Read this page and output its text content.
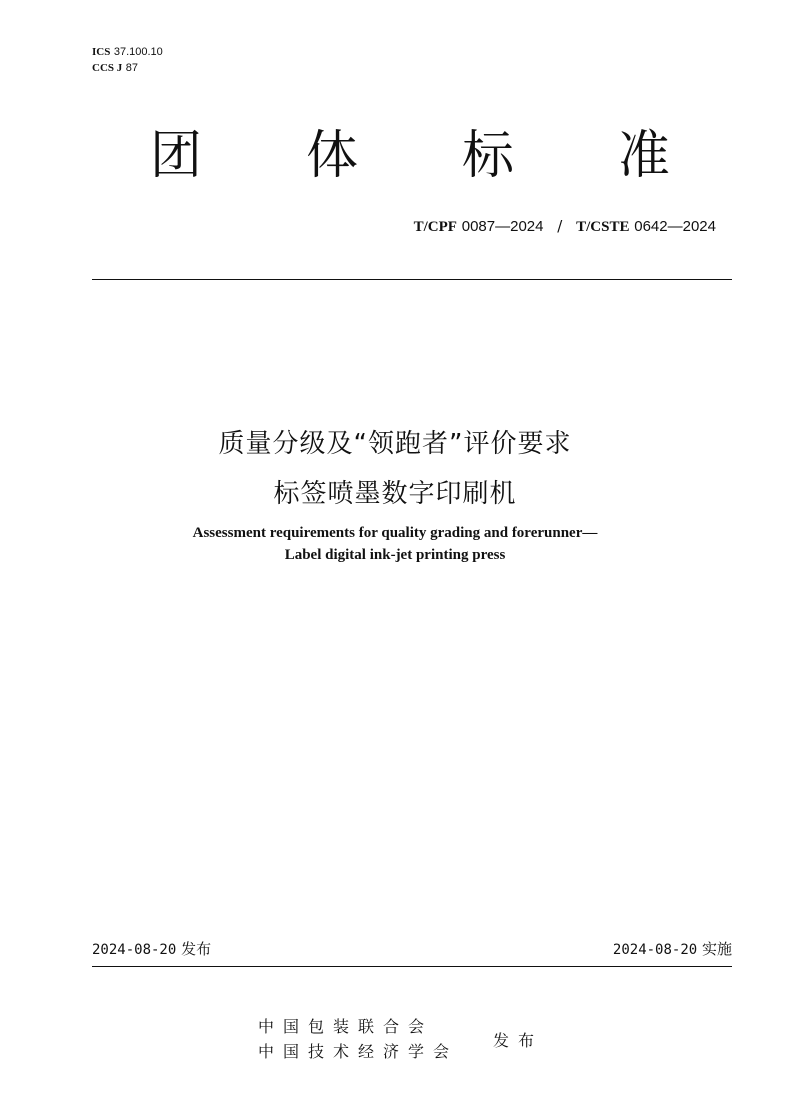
ICS 37.100.10
CCS J 87
团 体 标 准
T/CPF 0087—2024 / T/CSTE 0642—2024
质量分级及“领跑者”评价要求
标签喷墨数字印刷机
Assessment requirements for quality grading and forerunner—
Label digital ink-jet printing press
2024-08-20 发布	2024-08-20 实施
中国包装联合会
中国技术经济学会
发布
